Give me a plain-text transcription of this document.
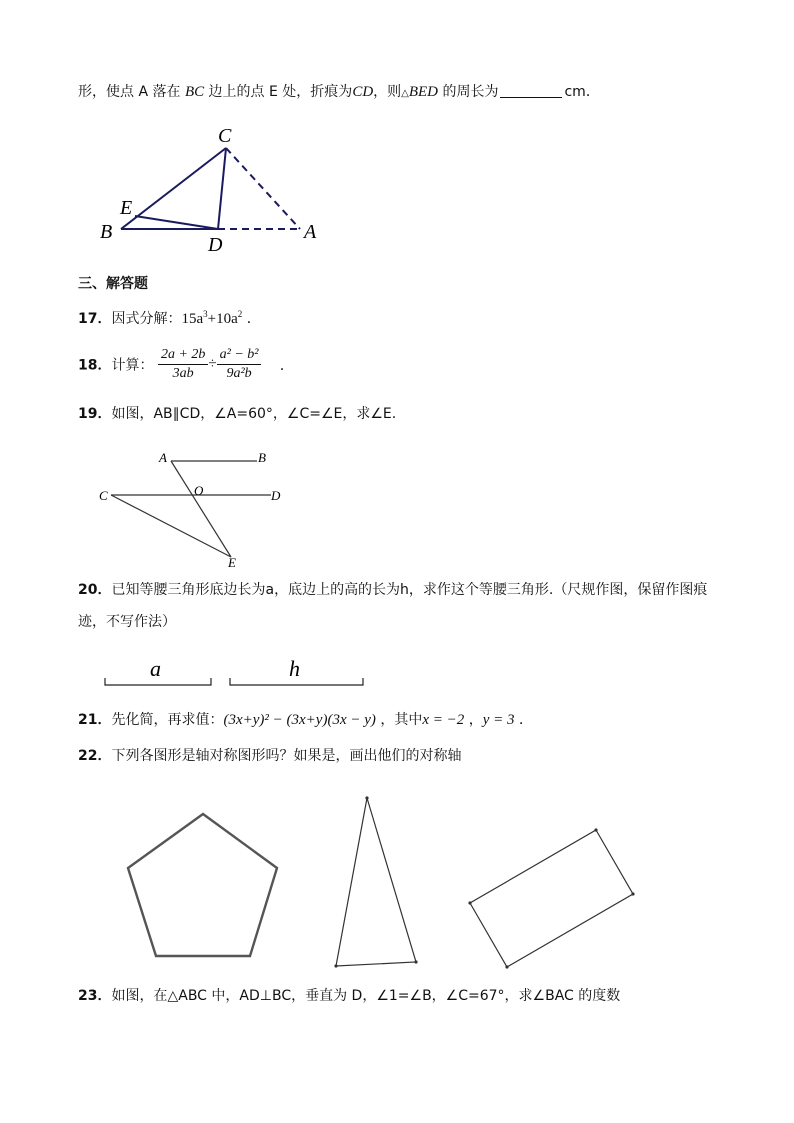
形，使点 A 落在 BC 边上的点 E 处，折痕为CD，则△BED 的周长为	cm．
C
E
B
D
A
三、解答题
17．因式分解：$15a^3+10a^2$ ．
18．计算： $\frac{2a + 2b}{3ab} \div \frac{\text{a² − b²}}{\text{9a²b}}$ ．
19．如图，AB∥CD，∠A=60°，∠C=∠E，求∠E.
A	B
C	O	D
E
20．已知等腰三角形底边长为a，底边上的高的长为h，求作这个等腰三角形.（尺规作图，保留作图痕
迹，不写作法）
a	h
21．先化简，再求值：(3x+y)² − (3x+y)(3x − y) ，其中x = −2 ，y = 3 ．
22．下列各图形是轴对称图形吗？如果是，画出他们的对称轴
23．如图，在△ABC 中，AD⊥BC，垂直为 D，∠1=∠B，∠C=67°，求∠BAC 的度数
